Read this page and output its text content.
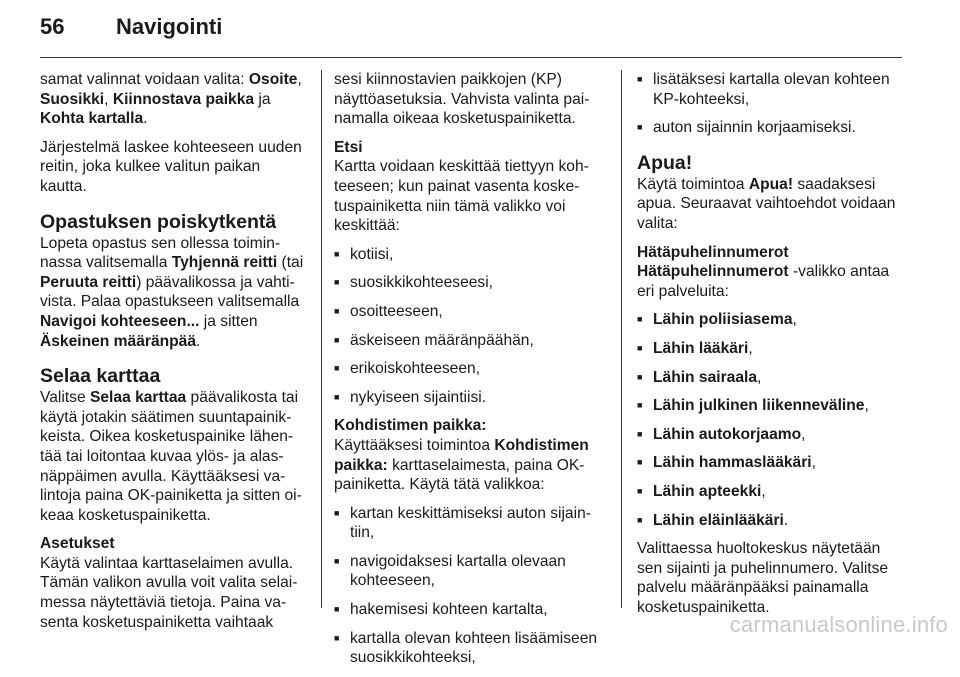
56	Navigointi

samat valinnat voidaan valita: Osoite, Suosikki, Kiinnostava paikka ja Kohta kartalla.

Järjestelmä laskee kohteeseen uuden reitin, joka kulkee valitun paikan kautta.

Opastuksen poiskytkentä

Lopeta opastus sen ollessa toiminnassa valitsemalla Tyhjennä reitti (tai Peruuta reitti) päävalikossa ja vahtivista. Palaa opastukseen valitsemalla Navigoi kohteeseen... ja sitten Äskeinen määränpää.

Selaa karttaa

Valitse Selaa karttaa päävalikosta tai käytä jotakin säätimen suuntapainikkeista. Oikea kosketuspainike lähentää tai loitontaa kuvaa ylös- ja alasnäppäimen avulla. Käyttääksesi valintoja paina OK-painiketta ja sitten oikeaa kosketuspainiketta.

Asetukset

Käytä valintaa karttaselaimen avulla. Tämän valikon avulla voit valita selaimessa näytettäviä tietoja. Paina vasenta kosketuspainiketta vaihtaak

sesi kiinnostavien paikkojen (KP) näyttöasetuksia. Vahvista valinta painamalla oikeaa kosketuspainiketta.

Etsi

Kartta voidaan keskittää tiettyyn kohteeseen; kun painat vasenta kosketuspainiketta niin tämä valikko voi keskittää:

■ kotiisi,
■ suosikkikohteeseesi,
■ osoitteeseen,
■ äskeiseen määränpäähän,
■ erikoiskohteeseen,
■ nykyiseen sijaintiisi.
Kohdistimen paikka:

Käyttääksesi toimintoa Kohdistimen paikka: karttaselaimesta, paina OK-painiketta. Käytä tätä valikkoa:

■ kartan keskittämiseksi auton sijaintiin,
■ navigoidaksesi kartalla olevaan kohteeseen,
■ hakemisesi kohteen kartalta,
■ kartalla olevan kohteen lisäämiseen suosikkikohteeksi,
■ lisätäksesi kartalla olevan kohteen KP-kohteeksi,
■ auton sijainnin korjaamiseksi.
Apua!

Käytä toimintoa Apua! saadaksesi apua. Seuraavat vaihtoehdot voidaan valita:

Hätäpuhelinnumerot

Hätäpuhelinnumerot -valikko antaa eri palveluita:

■ Lähin poliisiasema,
■ Lähin lääkäri,
■ Lähin sairaala,
■ Lähin julkinen liikenneväline,
■ Lähin autokorjaamo,
■ Lähin hammaslääkäri,
■ Lähin apteekki,
■ Lähin eläinlääkäri.

Valittaessa huoltokeskus näytetään sen sijainti ja puhelinnumero. Valitse palvelu määränpääksi painamalla kosketuspainiketta.

carmanualsonline.info
